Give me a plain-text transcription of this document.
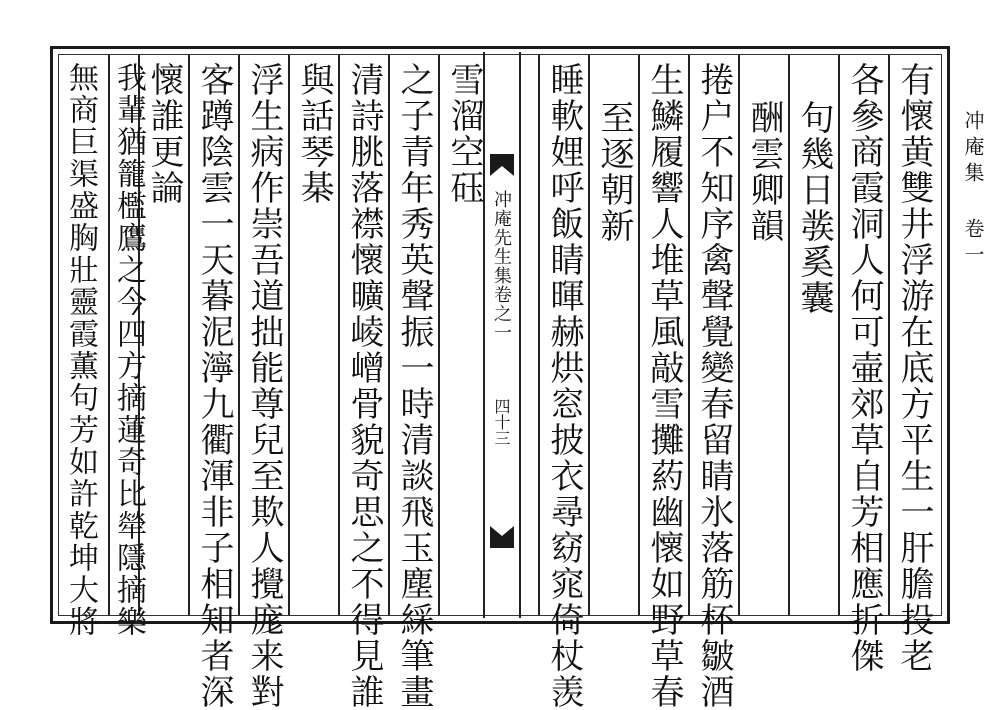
冲庵先生集卷之一
四十三
冲庵集 卷一
有懷黄雙井浮游在底方平生一肝膽投老
各參商霞洞人何可壷郊草自芳相應折傑
句幾日彂奚囊
酬雲卿韻
捲户不知序禽聲覺變春留睛氷落筋杯皺酒
生鱗履響人堆草風敲雪攤葯幽懷如野草春
至逐朝新
睡軟娌呼飯睛暉赫烘窓披衣尋窈窕倚杖羡
雪溜空砡
之子青年秀英聲振一時清談飛玉塵綵筆畫
清詩朓落襟懷曠崚嶒骨貌奇思之不得見誰
與話琴棊
浮生病作崇吾道拙能尊兒至欺人攪庬来對
客蹲陰雲一天暮泥濘九衢渾非子相知者深
懷誰更論
我輩猶籠檻鷹之今四方摘蓮奇比犖隱摘樂
無商巨渠盛胸壯靈霞薫句芳如許乾坤大將
